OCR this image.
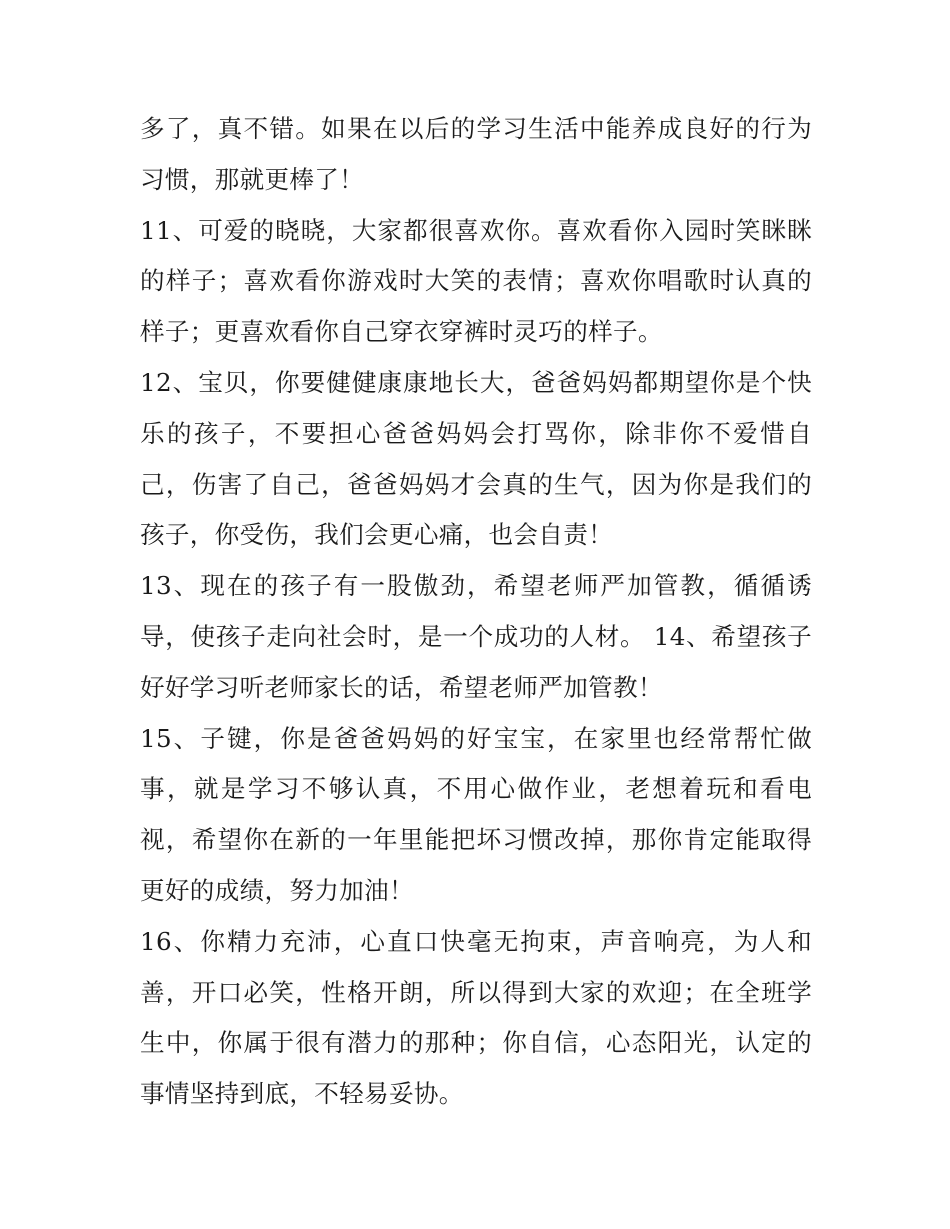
多了，真不错。如果在以后的学习生活中能养成良好的行为习惯，那就更棒了！

11、可爱的晓晓，大家都很喜欢你。喜欢看你入园时笑眯眯的样子；喜欢看你游戏时大笑的表情；喜欢你唱歌时认真的样子；更喜欢看你自己穿衣穿裤时灵巧的样子。

12、宝贝，你要健健康康地长大，爸爸妈妈都期望你是个快乐的孩子，不要担心爸爸妈妈会打骂你，除非你不爱惜自己，伤害了自己，爸爸妈妈才会真的生气，因为你是我们的孩子，你受伤，我们会更心痛，也会自责！

13、现在的孩子有一股傲劲，希望老师严加管教，循循诱导，使孩子走向社会时，是一个成功的人材。 14、希望孩子好好学习听老师家长的话，希望老师严加管教！

15、子键，你是爸爸妈妈的好宝宝，在家里也经常帮忙做事，就是学习不够认真，不用心做作业，老想着玩和看电视，希望你在新的一年里能把坏习惯改掉，那你肯定能取得更好的成绩，努力加油！

16、你精力充沛，心直口快毫无拘束，声音响亮，为人和善，开口必笑，性格开朗，所以得到大家的欢迎；在全班学生中，你属于很有潜力的那种；你自信，心态阳光，认定的事情坚持到底，不轻易妥协。
